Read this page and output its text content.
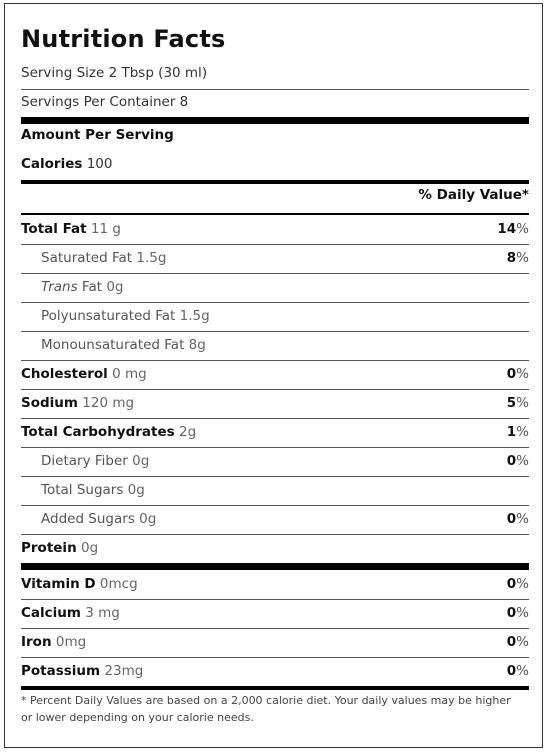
Nutrition Facts
Serving Size 2 Tbsp (30 ml)
Servings Per Container 8
Amount Per Serving
Calories 100
% Daily Value*
Total Fat 11 g	14%
Saturated Fat 1.5g	8%
Trans Fat 0g
Polyunsaturated Fat 1.5g
Monounsaturated Fat 8g
Cholesterol 0 mg	0%
Sodium 120 mg	5%
Total Carbohydrates 2g	1%
Dietary Fiber 0g	0%
Total Sugars 0g
Added Sugars 0g	0%
Protein 0g
Vitamin D 0mcg	0%
Calcium 3 mg	0%
Iron 0mg	0%
Potassium 23mg	0%
* Percent Daily Values are based on a 2,000 calorie diet. Your daily values may be higher or lower depending on your calorie needs.
